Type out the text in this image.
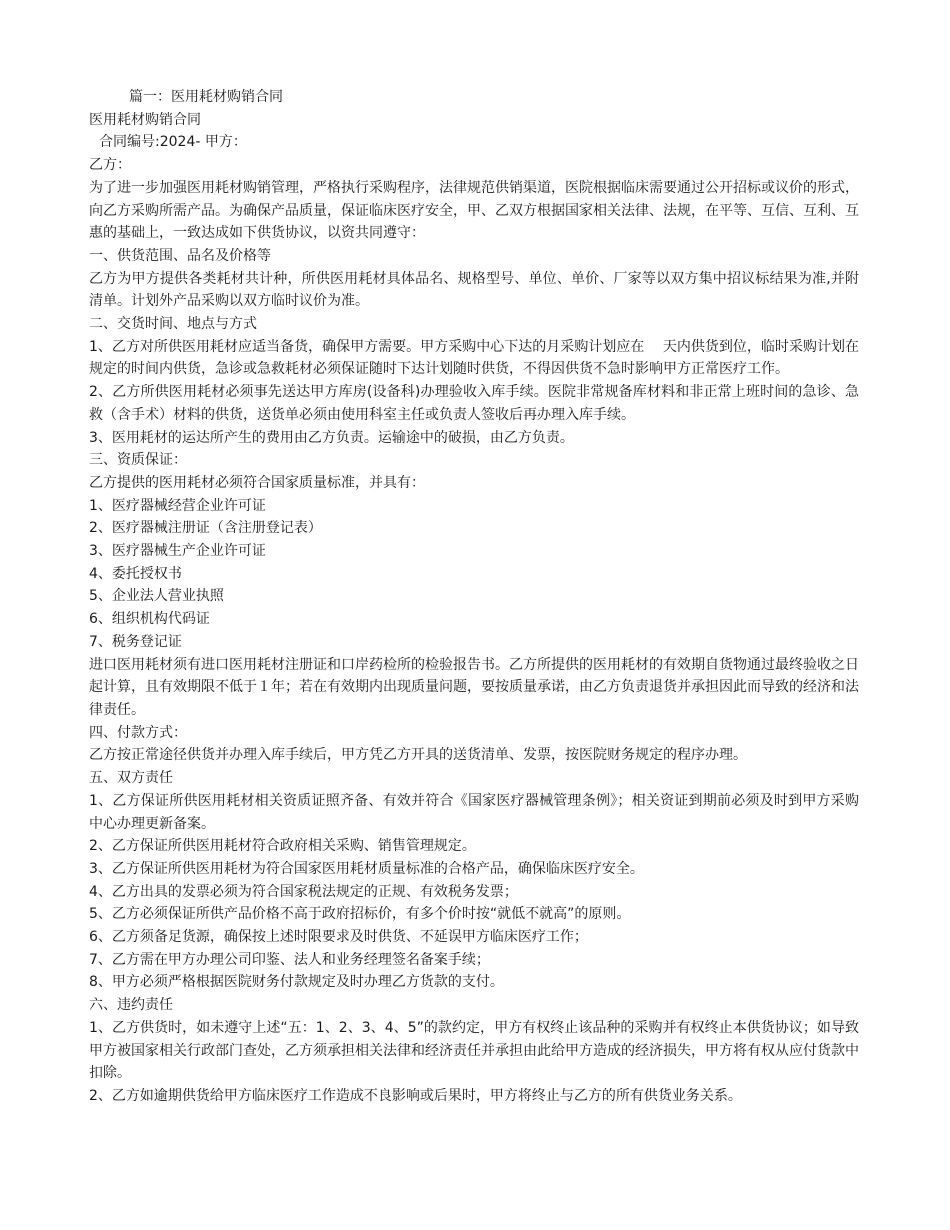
篇一：医用耗材购销合同

医用耗材购销合同

合同编号:2024- 甲方：

乙方：

为了进一步加强医用耗材购销管理，严格执行采购程序，法律规范供销渠道，医院根据临床需要通过公开招标或议价的形式，向乙方采购所需产品。为确保产品质量，保证临床医疗安全，甲、乙双方根据国家相关法律、法规，在平等、互信、互利、互惠的基础上，一致达成如下供货协议，以资共同遵守：

一、供货范围、品名及价格等

乙方为甲方提供各类耗材共计种，所供医用耗材具体品名、规格型号、单位、单价、厂家等以双方集中招议标结果为准,并附清单。计划外产品采购以双方临时议价为准。

二、交货时间、地点与方式

1、乙方对所供医用耗材应适当备货，确保甲方需要。甲方采购中心下达的月采购计划应在　 天内供货到位，临时采购计划在规定的时间内供货，急诊或急救耗材必须保证随时下达计划随时供货，不得因供货不急时影响甲方正常医疗工作。

2、乙方所供医用耗材必须事先送达甲方库房(设备科)办理验收入库手续。医院非常规备库材料和非正常上班时间的急诊、急救（含手术）材料的供货，送货单必须由使用科室主任或负责人签收后再办理入库手续。

3、医用耗材的运达所产生的费用由乙方负责。运输途中的破损，由乙方负责。

三、资质保证：

乙方提供的医用耗材必须符合国家质量标准，并具有：

1、医疗器械经营企业许可证

2、医疗器械注册证（含注册登记表）

3、医疗器械生产企业许可证

4、委托授权书

5、企业法人营业执照

6、组织机构代码证

7、税务登记证

进口医用耗材须有进口医用耗材注册证和口岸药检所的检验报告书。乙方所提供的医用耗材的有效期自货物通过最终验收之日起计算，且有效期限不低于１年；若在有效期内出现质量问题，要按质量承诺，由乙方负责退货并承担因此而导致的经济和法律责任。

四、付款方式：

乙方按正常途径供货并办理入库手续后，甲方凭乙方开具的送货清单、发票，按医院财务规定的程序办理。

五、双方责任

1、乙方保证所供医用耗材相关资质证照齐备、有效并符合《国家医疗器械管理条例》；相关资证到期前必须及时到甲方采购中心办理更新备案。

2、乙方保证所供医用耗材符合政府相关采购、销售管理规定。

3、乙方保证所供医用耗材为符合国家医用耗材质量标准的合格产品，确保临床医疗安全。

4、乙方出具的发票必须为符合国家税法规定的正规、有效税务发票；

5、乙方必须保证所供产品价格不高于政府招标价，有多个价时按“就低不就高”的原则。

6、乙方须备足货源，确保按上述时限要求及时供货、不延误甲方临床医疗工作；

7、乙方需在甲方办理公司印鉴、法人和业务经理签名备案手续；

8、甲方必须严格根据医院财务付款规定及时办理乙方货款的支付。

六、违约责任

1、乙方供货时，如未遵守上述“五：1、2、3、4、5”的款约定，甲方有权终止该品种的采购并有权终止本供货协议；如导致甲方被国家相关行政部门查处，乙方须承担相关法律和经济责任并承担由此给甲方造成的经济损失，甲方将有权从应付货款中扣除。

2、乙方如逾期供货给甲方临床医疗工作造成不良影响或后果时，甲方将终止与乙方的所有供货业务关系。
